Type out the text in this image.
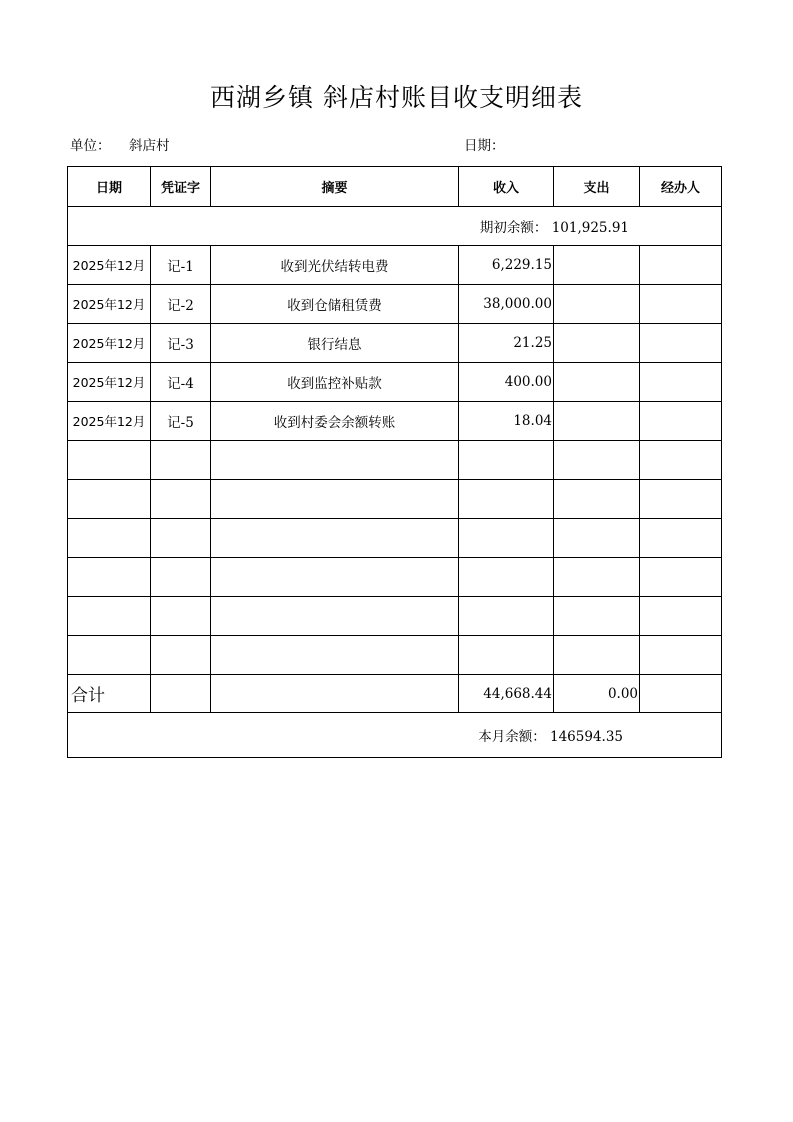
西湖乡镇 斜店村账目收支明细表
单位： 斜店村	日期：
日期	凭证字	摘要	收入	支出	经办人
期初余额： 101,925.91					
2025年12月	记-1	收到光伏结转电费	6,229.15		
2025年12月	记-2	收到仓储租赁费	38,000.00		
2025年12月	记-3	银行结息	21.25		
2025年12月	记-4	收到监控补贴款	400.00		
2025年12月	记-5	收到村委会余额转账	18.04		

合计			44,668.44	0.00	
本月余额： 146594.35					
